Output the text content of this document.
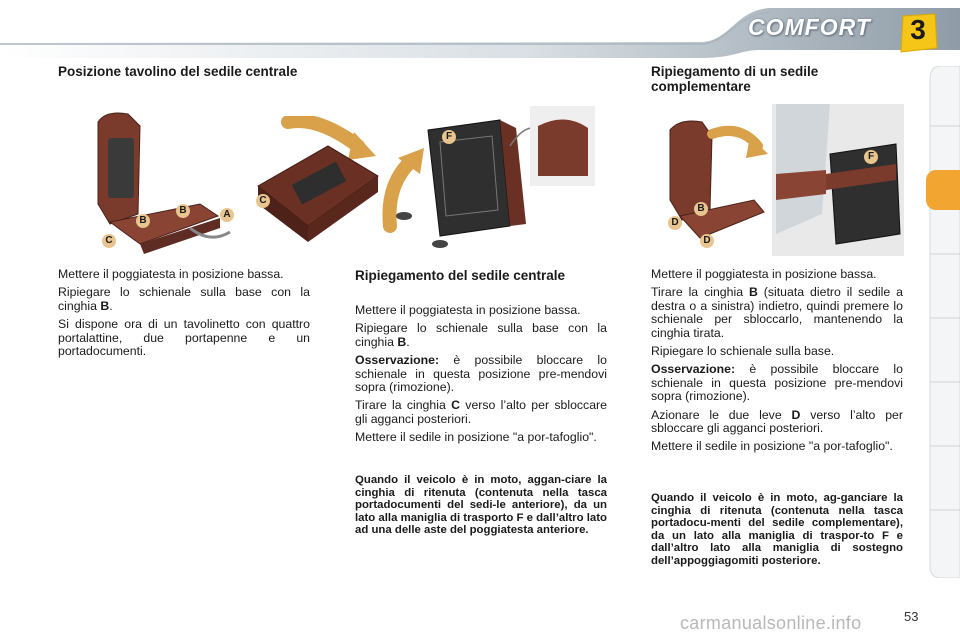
COMFORT	3
Posizione tavolino del sedile centrale
B
B	A
C
C

Mettere il poggiatesta in posizione bassa.

Ripiegare lo schienale sulla base con la cinghia B.

Si dispone ora di un tavolinetto con quattro portalattine, due portapenne e un portadocumenti.

F
Ripiegamento del sedile centrale

Mettere il poggiatesta in posizione bassa.

Ripiegare lo schienale sulla base con la cinghia B.

Osservazione: è possibile bloccare lo schienale in questa posizione pre-mendovi sopra (rimozione).

Tirare la cinghia C verso l’alto per sbloccare gli agganci posteriori.

Mettere il sedile in posizione "a por-tafoglio".

Quando il veicolo è in moto, aggan-ciare la cinghia di ritenuta (contenuta nella tasca portadocumenti del sedi-le anteriore), da un lato alla maniglia di trasporto F e dall’altro lato ad una delle aste del poggiatesta anteriore.
Ripiegamento di un sedile complementare
B
D
D
F

Mettere il poggiatesta in posizione bassa.

Tirare la cinghia B (situata dietro il sedile a destra o a sinistra) indietro, quindi premere lo schienale per sbloccarlo, mantenendo la cinghia tirata.

Ripiegare lo schienale sulla base.

Osservazione: è possibile bloccare lo schienale in questa posizione pre-mendovi sopra (rimozione).

Azionare le due leve D verso l’alto per sbloccare gli agganci posteriori.

Mettere il sedile in posizione "a por-tafoglio".

Quando il veicolo è in moto, ag-ganciare la cinghia di ritenuta (contenuta nella tasca portadocu-menti del sedile complementare), da un lato alla maniglia di traspor-to F e dall’altro lato alla maniglia di sostegno dell’appoggiagomiti posteriore.
53
carmanualsonline.info
